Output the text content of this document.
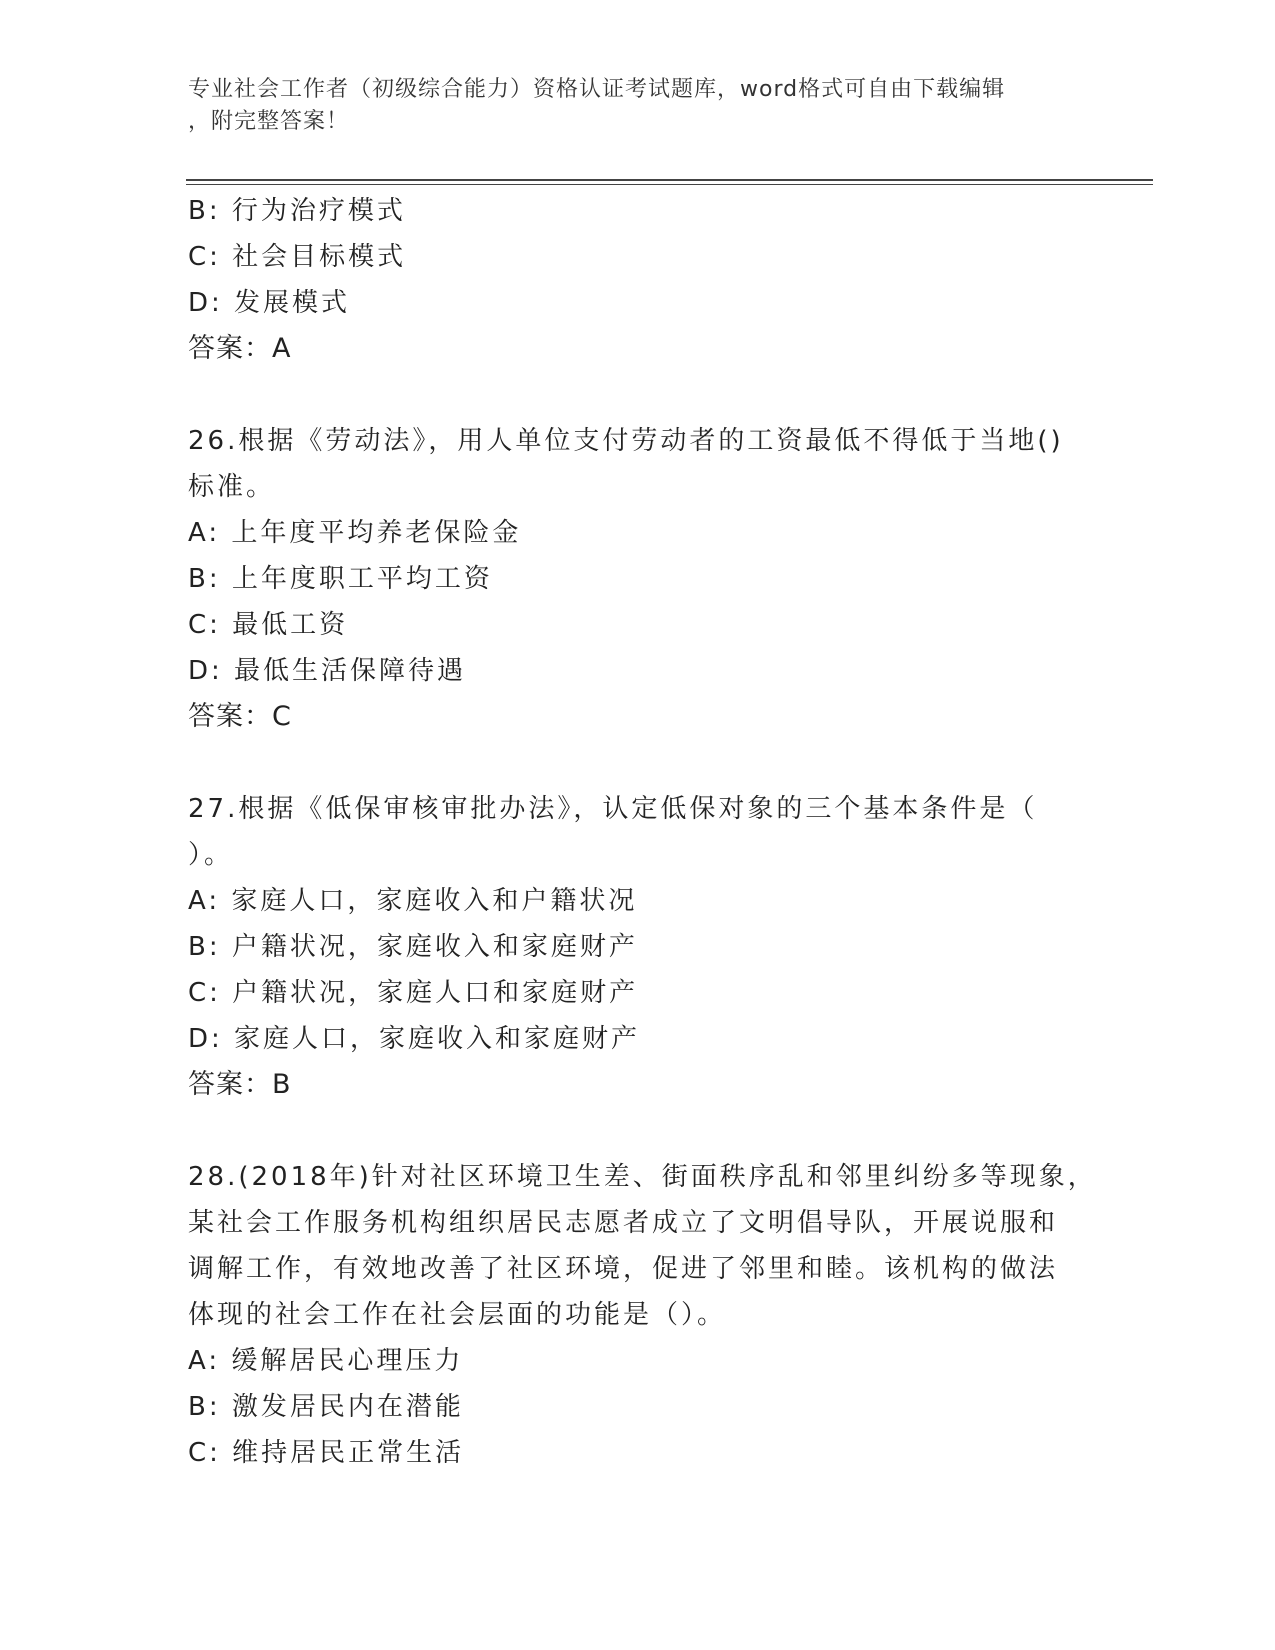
专业社会工作者（初级综合能力）资格认证考试题库，word格式可自由下载编辑
，附完整答案！
B: 行为治疗模式
C: 社会目标模式
D: 发展模式
答案：A
26.根据《劳动法》，用人单位支付劳动者的工资最低不得低于当地()
标准。
A: 上年度平均养老保险金
B: 上年度职工平均工资
C: 最低工资
D: 最低生活保障待遇
答案：C
27.根据《低保审核审批办法》，认定低保对象的三个基本条件是（
）。
A: 家庭人口，家庭收入和户籍状况
B: 户籍状况，家庭收入和家庭财产
C: 户籍状况，家庭人口和家庭财产
D: 家庭人口，家庭收入和家庭财产
答案：B
28.(2018年)针对社区环境卫生差、街面秩序乱和邻里纠纷多等现象，
某社会工作服务机构组织居民志愿者成立了文明倡导队，开展说服和
调解工作，有效地改善了社区环境，促进了邻里和睦。该机构的做法
体现的社会工作在社会层面的功能是（）。
A: 缓解居民心理压力
B: 激发居民内在潜能
C: 维持居民正常生活
